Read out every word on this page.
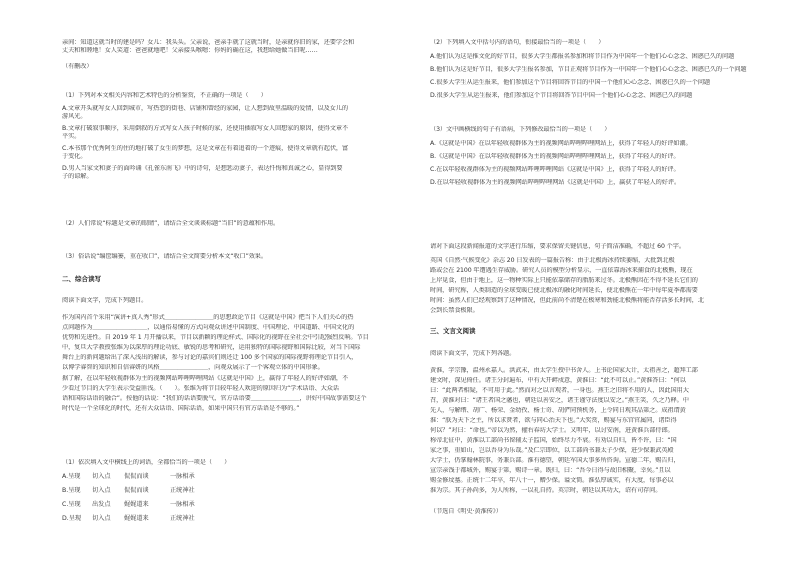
亲间：知道这就当时的建是吗？女儿：我头头。父亲说，爸亲手就了这就当时，是亲就你旧的家，还要学会和
丈夫和和睦地！女人笑道：爸爸就地吧！父亲接头喉嗯：你妈的确在这，我想给她做当旧呢……
（有删改）
（1）下列对本文相关内容和艺术特色的分析鉴赏，不正确的一项是（　　）
A.文章开头就写女人回到城市，写热恋的街巷、店铺和曾经的家园，让人想到故里温暖的爱情，以及女儿的
游风光。
B.文章打破叙事顺序，采用倒叙的方式写女人孩子时候的家，还使用插叙写女人回想家的原因，使得文章不
平实。
C.本书那个优秀阿生的住的地打破了女生的梦想，这是文章在有着追着的一个迹痕，使得文章就有起伏，富
于变化。
D.男人当家文和妻子的面吟诵《孔雀东南飞》中的诗句，是想惩动妻子，表达忏悔和真诚之心，显得到要
子的谅解。
（2）人们常说“标题是文章的眼睛”，请结合全文谈谈标题“当旧”的意蕴和作用。
（3）俗话说“编筐编篓，重在收口”，请结合全文简要分析本文“收口”效果。
二、综合读写
阅读下面文字，完成下列题目。
作为国内首个采用“演讲+真人秀”形式＿＿＿＿＿＿＿＿的思想政论节目《这就是中国》把当下人们关心的热
点问题作为＿＿＿＿＿＿＿＿＿，以通俗易懂的方式向观众讲述中国制度、中国理论、中国道路、中国文化的
优势和先进性。自 2019 年 1 月开播以来，节目以新颖的理论样式、国际化的视野在全社会中引起强烈反响。节目
中，复旦大学教授张维为以深厚的理论功底、敏锐的思考和研究，运用独特的国际视野和国际比较，对当下国际
舞台上的新问题给出了深入浅出的解读，参与讨论的嘉宾们则还迁 100 多个国家的国际视野将理论节目引入，
以博学睿智的知识和自信睿妍的风格＿＿＿＿＿＿＿＿，向观众展示了一个客观立体的中国形象。
据了解，在以年轻收视群体为主的视频网站哔哩哔哩网站《这就是中国》上，赢得了年轻人的好评如潮，不
少看过节目的大学生表示受益匪浅。（　　）。张维为将节目较年轻人欢迎的原因归为“学术话语、大众话
语和国际话语的融合”。按他的话说：“我们的话语要脱气、官方话语要＿＿＿＿＿＿＿＿，讲好中国故事需要这个
时代是一个全球化的时代，还有大众话语、国际话语，如果中国只有官方话语是不够的。”
（1）依次填入文中横线上的词语，全都恰当的一项是（　　）
A.呈现 切入点 侃侃而谈	一脉相承
B.呈现 切入点 侃侃而谈	正统神社
C.呈现 出发点 娓娓道来	一脉相承
D.呈现 切入点 娓娓道来	正统神社
（2）下列填入文中括号内的语句，衔接最恰当的一项是（　　）
A.他们认为这是推文化的好节目，很多大学生都报名参加和将节目作为中国年一个他们心心念念、困惑已久的问题
B.他们认为这是好节目，很多大学生报名参加，节目正观将节目作为一中国年一个他们心心念念、困惑已久的一个问题
C.很多大学生从运生报来，他们参加这个节目将回答节目的中国一个他们心心念念、困惑已久的一个问题
D.很多大学生从运生报来，他们参加这个节目将回答节目中国一个他们心心念念、困惑已久的问题
（3）文中画横线的句子有语病，下列修改最恰当的一项是（　　）
A.《这就是中国》在以年轻收视群体为主的视频网站哔哩哔哩网站上，获得了年轻人的好评如潮。
B.《这就是中国》在以年轻收视群体为主的视频网站哔哩哔哩网站上，获得了年轻人的好评。
C.在以年轻收视群体为主的视频网站哔哩哔哩网站《这就是中国》上，获得了年轻人的好评。
D.在以年轻收视群体为主的视频网站哔哩哔哩网站《这就是中国》上，赢获了年轻人的好评。
请对下面这段新闻报道的文字进行压缩，要求保留关键信息，句子简洁准确，不超过 60 个字。
英国《自然·气候变化》杂志 20 日发表的一篇报告称：由于北极海冰持续萎缩，大批到北极
路或会在 2100 年遭遇生存威胁。研究人员的模型分析显示，一直依靠海冰来捕食的北极熊，现在
上岸觅食，但由于地上，这一物种实际上只能依靠储存的脂肪来过冬。北极熊因在不得不延长它们的
时间，研究称，人类制造的全球变暖已使北极冰的融化时间延长，使北极熊在一年中每年夏季都需要
时间：虽然人们已经观察到了这种情况，但此前尚不清楚在极寒和劲能北极熊将能否存活多长时间，北
会到长禁食极限。
三、文言文阅读
阅读下面文字，完成下列各题。
黄淮，字宗豫，温州永嘉人。洪武末，由太学生授中书舍人。上书论国家大计，太祖善之，超拜工部
建文时，深见倚任。诸王分封遍布，中有大开衅戍意，黄淮曰：“此不可以止。”黄淮答曰：“何以
曰：“此两者相疑，不可用于此。”然而对之以言观者，一身也。燕王之旧将不用的人，因此国用大
召，黄淮对曰：“诸王者国之藩也，朝廷以善安之，诸王谨守法度以安之。”燕王笑，久之乃释。中
先人，与解缙、胡广、杨荣、金幼孜、杨士奇、胡俨同预机务，上令同日观其品第之。成祖谓黄
淮：“朕为天下之主，所以求贤者，欲与同心治天下也。”大奖赏，赐宴与东宫官属同，诸臣得
何以？”对曰：“命也。”帝以为然，擢右春坊大学士。又明年，以讨安南，进黄淮兵部侍郎。
称帝北征中，黄淮以工部尚书留辅太子监国，始终尽力不衰。有劝以自归，皆不许，曰：“国
家之事，重如山，岂以吾身为乐哉。”及仁宗即位，以工部尚书兼太子少保，进少保兼武英殿
大学士，仍掌翰林院事，务兼兵部。淮有德望，朝廷军国大事多所咨询。宣德二年，赐告归，
宣宗亲饯于都城外，赐宴于第，赐诗一章。既归，曰：“吾今日得与故旧相聚，幸矣。”且以
赐金修坟墓。正统十二年卒，年八十一，赠少保。谥文简。淮弘厚诚实，有大度，每事必以
淮为宗。其子孙尚多，为人所称，一以礼自持。英宗时，朝廷以其功大，诏有司存问。
（节选自《明史·黄淮传》）
